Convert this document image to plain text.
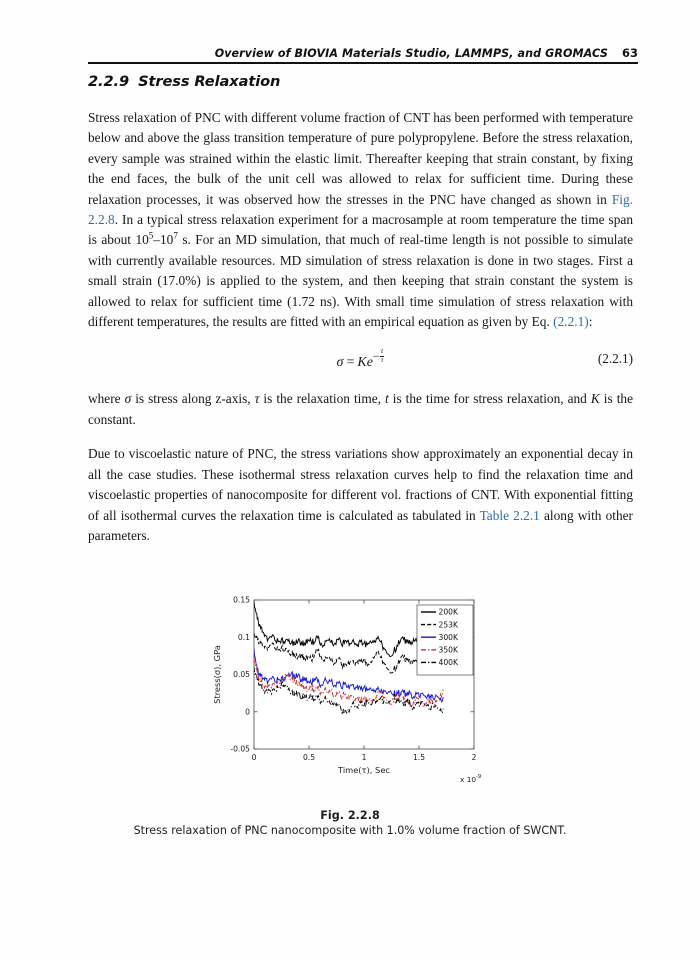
Overview of BIOVIA Materials Studio, LAMMPS, and GROMACS 63
2.2.9 Stress Relaxation

Stress relaxation of PNC with different volume fraction of CNT has been performed with temperature below and above the glass transition temperature of pure polypropylene. Before the stress relaxation, every sample was strained within the elastic limit. Thereafter keeping that strain constant, by fixing the end faces, the bulk of the unit cell was allowed to relax for sufficient time. During these relaxation processes, it was observed how the stresses in the PNC have changed as shown in Fig. 2.2.8. In a typical stress relaxation experiment for a macrosample at room temperature the time span is about $10^5-10^7$ s. For an MD simulation, that much of real-time length is not possible to simulate with currently available resources. MD simulation of stress relaxation is done in two stages. First a small strain (17.0%) is applied to the system, and then keeping that strain constant the system is allowed to relax for sufficient time (1.72 ns). With small time simulation of stress relaxation with different temperatures, the results are fitted with an empirical equation as given by Eq. (2.2.1):

$\sigma = Ke- \frac{t}{\tau}$	(2.2.1)

where σ is stress along z-axis, τ is the relaxation time, t is the time for stress relaxation, and K is the constant.

Due to viscoelastic nature of PNC, the stress variations show approximately an exponential decay in all the case studies. These isothermal stress relaxation curves help to find the relaxation time and viscoelastic properties of nanocomposite for different vol. fractions of CNT. With exponential fitting of all isothermal curves the relaxation time is calculated as tabulated in Table 2.2.1 along with other parameters.

0	0.5	1	1.5	2
-0.05
0
0.05
0.1
0.15
Time(τ), Sec
Stress(σ), GPa
x 10 -9
200K
253K
300K
350K
400K
Fig. 2.2.8
Stress relaxation of PNC nanocomposite with 1.0% volume fraction of SWCNT.
